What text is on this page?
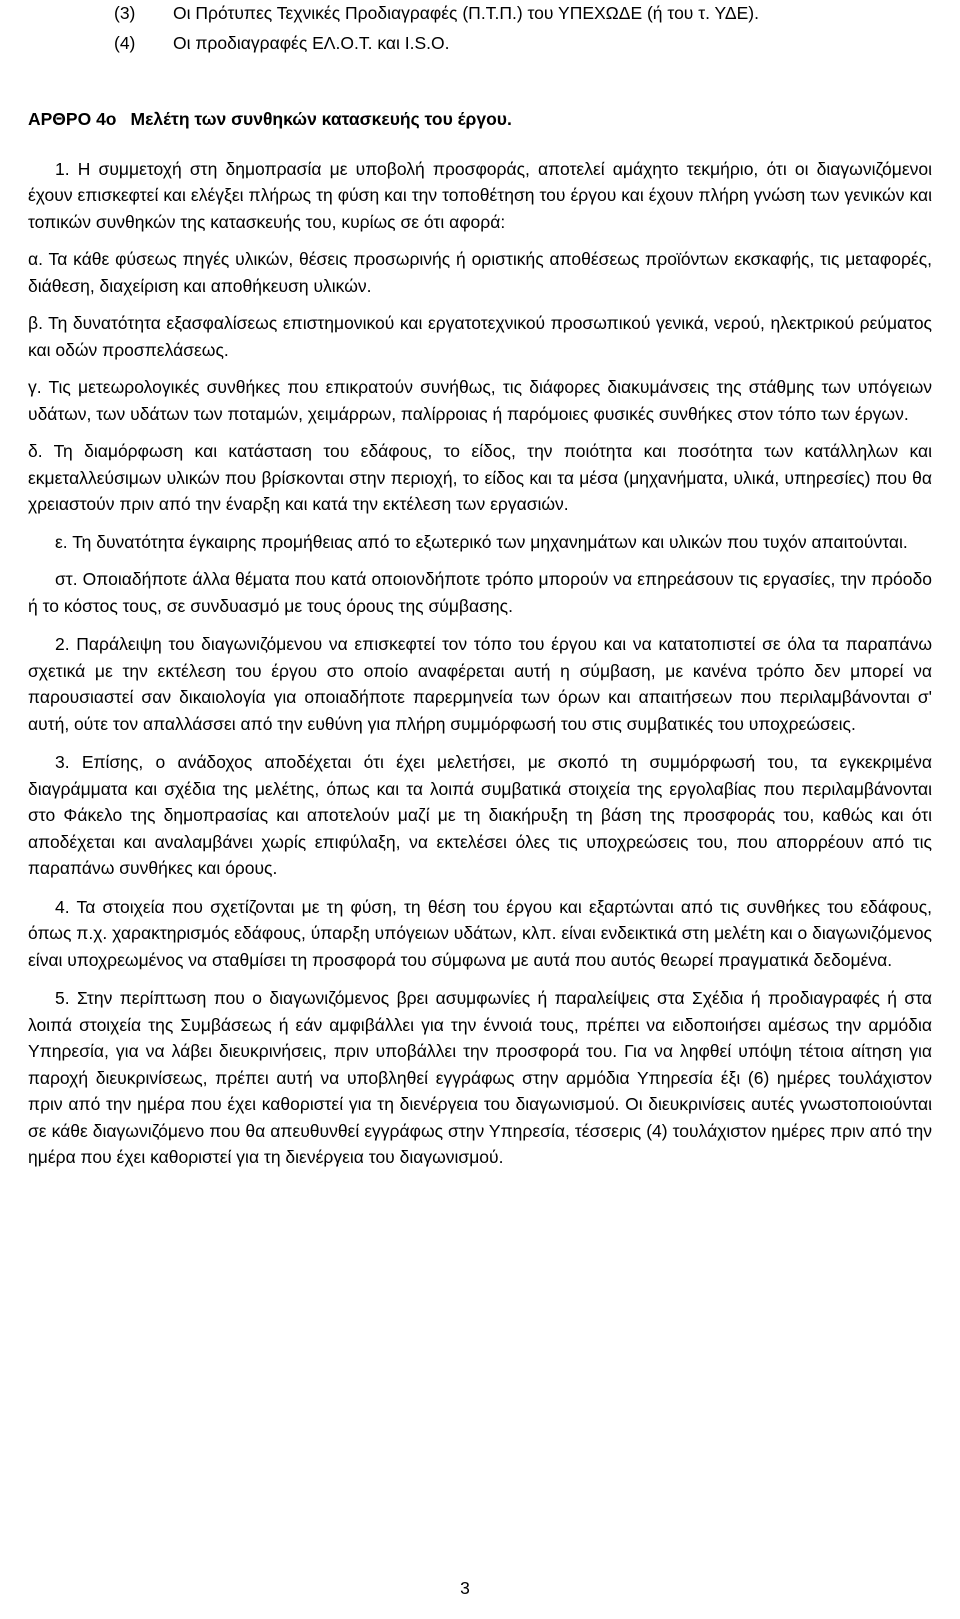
(3) Οι Πρότυπες Τεχνικές Προδιαγραφές (Π.Τ.Π.) του ΥΠΕΧΩΔΕ (ή του τ. ΥΔΕ).
(4) Οι προδιαγραφές ΕΛ.Ο.Τ. και I.S.O.

ΑΡΘΡΟ 4ο Μελέτη των συνθηκών κατασκευής του έργου.

1. Η συμμετοχή στη δημοπρασία με υποβολή προσφοράς, αποτελεί αμάχητο τεκμήριο, ότι οι διαγωνιζόμενοι έχουν επισκεφτεί και ελέγξει πλήρως τη φύση και την τοποθέτηση του έργου και έχουν πλήρη γνώση των γενικών και τοπικών συνθηκών της κατασκευής του, κυρίως σε ότι αφορά:

α. Τα κάθε φύσεως πηγές υλικών, θέσεις προσωρινής ή οριστικής αποθέσεως προϊόντων εκσκαφής, τις μεταφορές, διάθεση, διαχείριση και αποθήκευση υλικών.

β. Τη δυνατότητα εξασφαλίσεως επιστημονικού και εργατοτεχνικού προσωπικού γενικά, νερού, ηλεκτρικού ρεύματος και οδών προσπελάσεως.

γ. Τις μετεωρολογικές συνθήκες που επικρατούν συνήθως, τις διάφορες διακυμάνσεις της στάθμης των υπόγειων υδάτων, των υδάτων των ποταμών, χειμάρρων, παλίρροιας ή παρόμοιες φυσικές συνθήκες στον τόπο των έργων.

δ. Τη διαμόρφωση και κατάσταση του εδάφους, το είδος, την ποιότητα και ποσότητα των κατάλληλων και εκμεταλλεύσιμων υλικών που βρίσκονται στην περιοχή, το είδος και τα μέσα (μηχανήματα, υλικά, υπηρεσίες) που θα χρειαστούν πριν από την έναρξη και κατά την εκτέλεση των εργασιών.

ε. Τη δυνατότητα έγκαιρης προμήθειας από το εξωτερικό των μηχανημάτων και υλικών που τυχόν απαιτούνται.

στ. Οποιαδήποτε άλλα θέματα που κατά οποιονδήποτε τρόπο μπορούν να επηρεάσουν τις εργασίες, την πρόοδο ή το κόστος τους, σε συνδυασμό με τους όρους της σύμβασης.

2. Παράλειψη του διαγωνιζόμενου να επισκεφτεί τον τόπο του έργου και να κατατοπιστεί σε όλα τα παραπάνω σχετικά με την εκτέλεση του έργου στο οποίο αναφέρεται αυτή η σύμβαση, με κανένα τρόπο δεν μπορεί να παρουσιαστεί σαν δικαιολογία για οποιαδήποτε παρερμηνεία των όρων και απαιτήσεων που περιλαμβάνονται σ' αυτή, ούτε τον απαλλάσσει από την ευθύνη για πλήρη συμμόρφωσή του στις συμβατικές του υποχρεώσεις.

3. Επίσης, ο ανάδοχος αποδέχεται ότι έχει μελετήσει, με σκοπό τη συμμόρφωσή του, τα εγκεκριμένα διαγράμματα και σχέδια της μελέτης, όπως και τα λοιπά συμβατικά στοιχεία της εργολαβίας που περιλαμβάνονται στο Φάκελο της δημοπρασίας και αποτελούν μαζί με τη διακήρυξη τη βάση της προσφοράς του, καθώς και ότι αποδέχεται και αναλαμβάνει χωρίς επιφύλαξη, να εκτελέσει όλες τις υποχρεώσεις του, που απορρέουν από τις παραπάνω συνθήκες και όρους.

4. Τα στοιχεία που σχετίζονται με τη φύση, τη θέση του έργου και εξαρτώνται από τις συνθήκες του εδάφους, όπως π.χ. χαρακτηρισμός εδάφους, ύπαρξη υπόγειων υδάτων, κλπ. είναι ενδεικτικά στη μελέτη και ο διαγωνιζόμενος είναι υποχρεωμένος να σταθμίσει τη προσφορά του σύμφωνα με αυτά που αυτός θεωρεί πραγματικά δεδομένα.

5. Στην περίπτωση που ο διαγωνιζόμενος βρει ασυμφωνίες ή παραλείψεις στα Σχέδια ή προδιαγραφές ή στα λοιπά στοιχεία της Συμβάσεως ή εάν αμφιβάλλει για την έννοιά τους, πρέπει να ειδοποιήσει αμέσως την αρμόδια Υπηρεσία, για να λάβει διευκρινήσεις, πριν υποβάλλει την προσφορά του. Για να ληφθεί υπόψη τέτοια αίτηση για παροχή διευκρινίσεως, πρέπει αυτή να υποβληθεί εγγράφως στην αρμόδια Υπηρεσία έξι (6) ημέρες τουλάχιστον πριν από την ημέρα που έχει καθοριστεί για τη διενέργεια του διαγωνισμού. Οι διευκρινίσεις αυτές γνωστοποιούνται σε κάθε διαγωνιζόμενο που θα απευθυνθεί εγγράφως στην Υπηρεσία, τέσσερις (4) τουλάχιστον ημέρες πριν από την ημέρα που έχει καθοριστεί για τη διενέργεια του διαγωνισμού.

3
